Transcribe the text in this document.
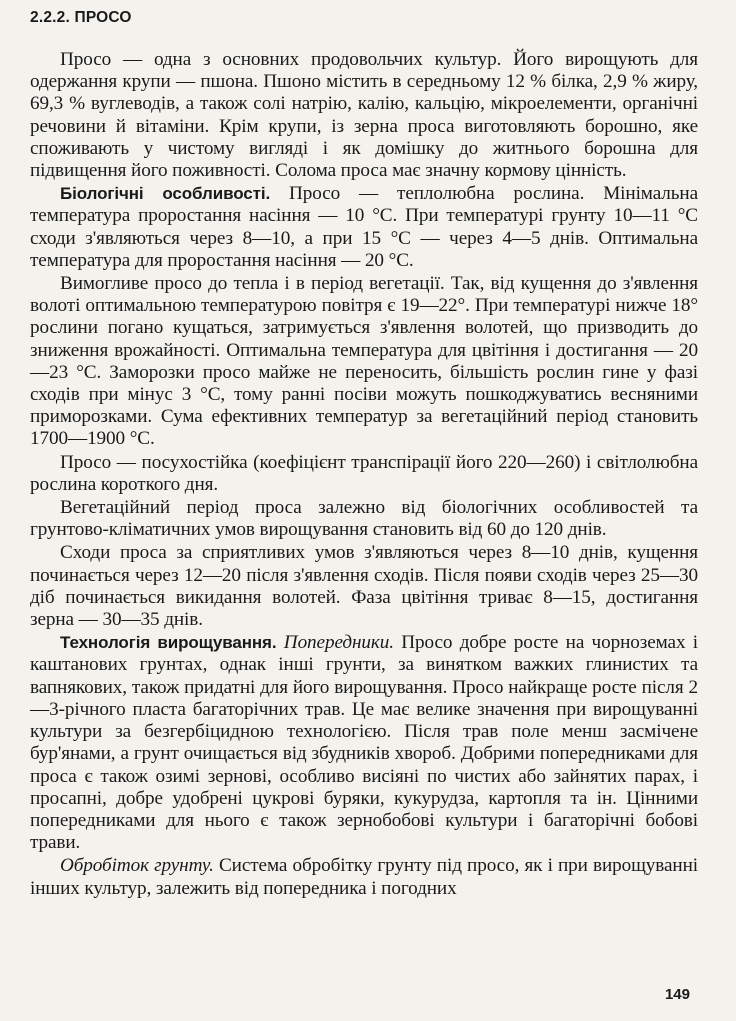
2.2.2. ПРОСО

Просо — одна з основних продовольчих культур. Його вирощують для одержання крупи — пшона. Пшоно містить в середньому 12 % білка, 2,9 % жиру, 69,3 % вуглеводів, а також солі натрію, калію, кальцію, мікроелементи, органічні речовини й вітаміни. Крім крупи, із зерна проса виготовляють борошно, яке споживають у чистому вигляді і як домішку до житнього борошна для підвищення його поживності. Солома проса має значну кормову цінність.

Біологічні особливості. Просо — теплолюбна рослина. Мінімальна температура проростання насіння — 10 °С. При температурі грунту 10—11 °С сходи з'являються через 8—10, а при 15 °С — через 4—5 днів. Оптимальна температура для проростання насіння — 20 °С.

Вимогливе просо до тепла і в період вегетації. Так, від кущення до з'явлення волоті оптимальною температурою повітря є 19—22°. При температурі нижче 18° рослини погано кущаться, затримується з'явлення волотей, що призводить до зниження врожайності. Оптимальна температура для цвітіння і достигання — 20—23 °С. Заморозки просо майже не переносить, більшість рослин гине у фазі сходів при мінус 3 °С, тому ранні посіви можуть пошкоджуватись весняними приморозками. Сума ефективних температур за вегетаційний період становить 1700—1900 °С.

Просо — посухостійка (коефіцієнт транспірації його 220—260) і світлолюбна рослина короткого дня.

Вегетаційний період проса залежно від біологічних особливостей та грунтово-кліматичних умов вирощування становить від 60 до 120 днів.

Сходи проса за сприятливих умов з'являються через 8—10 днів, кущення починається через 12—20 після з'явлення сходів. Після появи сходів через 25—30 діб починається викидання волотей. Фаза цвітіння триває 8—15, достигання зерна — 30—35 днів.

Технологія вирощування. Попередники. Просо добре росте на чорноземах і каштанових грунтах, однак інші грунти, за винятком важких глинистих та вапнякових, також придатні для його вирощування. Просо найкраще росте після 2—3-річного пласта багаторічних трав. Це має велике значення при вирощуванні культури за безгербіцидною технологією. Після трав поле менш засмічене бур'янами, а грунт очищається від збудників хвороб. Добрими попередниками для проса є також озимі зернові, особливо висіяні по чистих або зайнятих парах, і просапні, добре удобрені цукрові буряки, кукурудза, картопля та ін. Цінними попередниками для нього є також зернобобові культури і багаторічні бобові трави.

Обробіток грунту. Система обробітку грунту під просо, як і при вирощуванні інших культур, залежить від попередника і погодних

149
